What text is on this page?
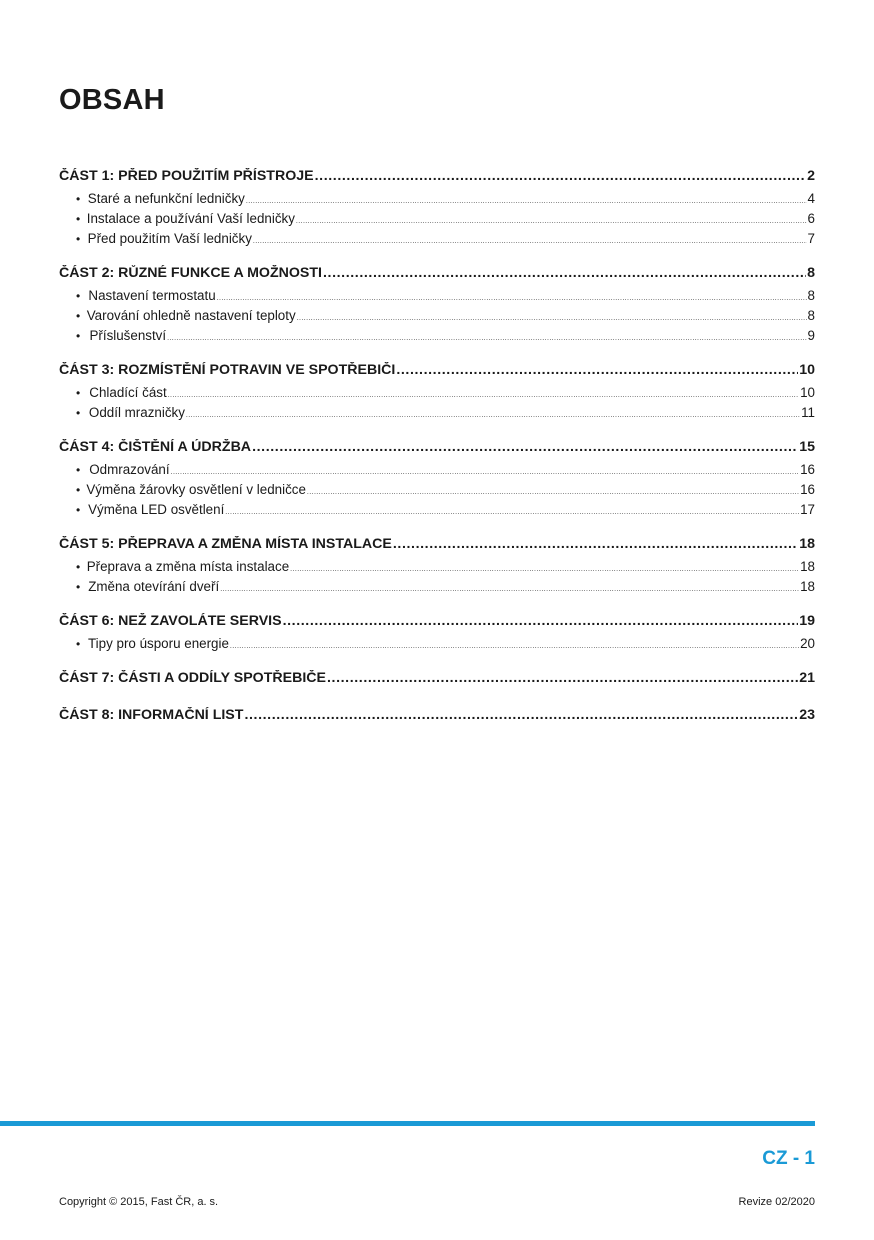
OBSAH
ČÁST 1: PŘED POUŽITÍM PŘÍSTROJE .....	2
• Staré a nefunkční ledničky .....	4
• Instalace a používání Vaší ledničky .....	6
• Před použitím Vaší ledničky .....	7
ČÁST 2: RŮZNÉ FUNKCE A MOŽNOSTI .....	8
• Nastavení termostatu .....	8
• Varování ohledně nastavení teploty .....	8
• Příslušenství .....	9
ČÁST 3: ROZMÍSTĚNÍ POTRAVIN VE SPOTŘEBIČI .....	10
• Chladící část .....	10
• Oddíl mrazničky .....	11
ČÁST 4: ČIŠTĚNÍ A ÚDRŽBA .....	15
• Odmrazování .....	16
• Výměna žárovky osvětlení v ledničce .....	16
• Výměna LED osvětlení .....	17
ČÁST 5: PŘEPRAVA A ZMĚNA MÍSTA INSTALACE .....	18
• Přeprava a změna místa instalace .....	18
• Změna otevírání dveří .....	18
ČÁST 6: NEŽ ZAVOLÁTE SERVIS .....	19
• Tipy pro úsporu energie .....	20
ČÁST 7: ČÁSTI A ODDÍLY SPOTŘEBIČE .....	21
ČÁST 8: INFORMAČNÍ LIST .....	23
CZ - 1
Copyright © 2015, Fast ČR, a. s.	Revize 02/2020
